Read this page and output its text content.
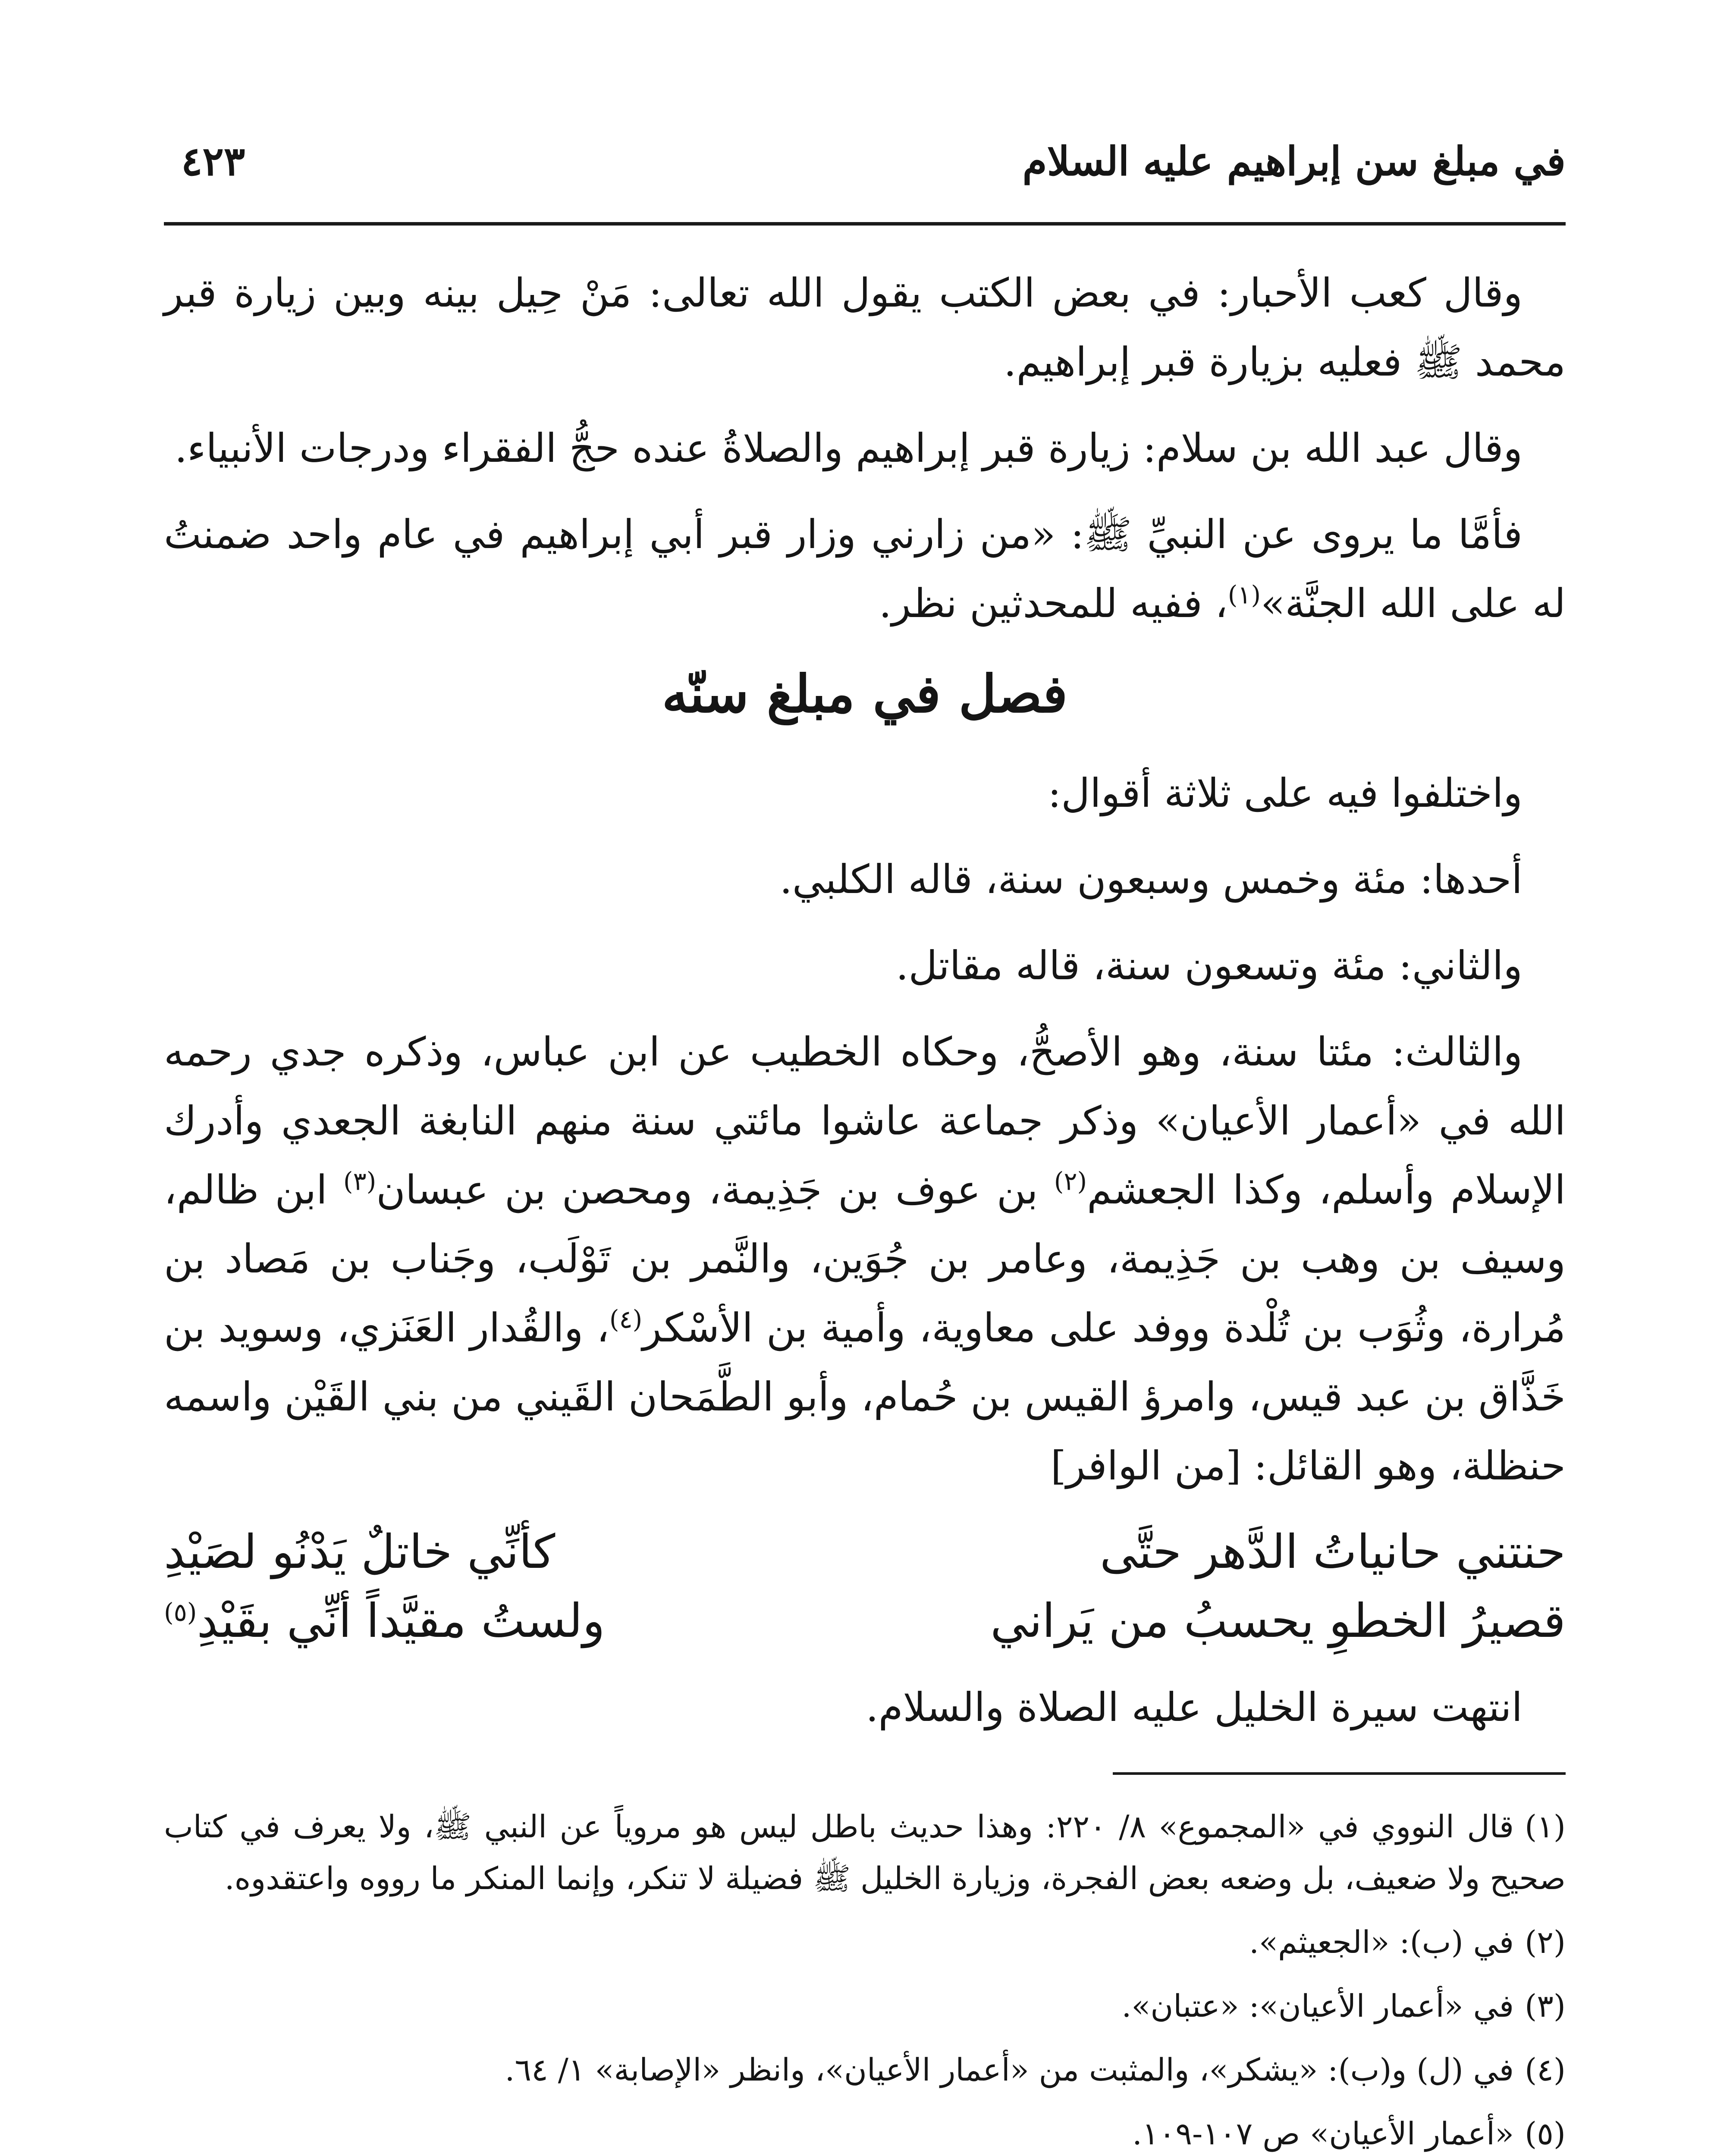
في مبلغ سن إبراهيم عليه السلام
٤٢٣

وقال كعب الأحبار: في بعض الكتب يقول الله تعالى: مَنْ حِيل بينه وبين زيارة قبر محمد ﷺ فعليه بزيارة قبر إبراهيم.

وقال عبد الله بن سلام: زيارة قبر إبراهيم والصلاةُ عنده حجُّ الفقراء ودرجات الأنبياء.

فأمَّا ما يروى عن النبيِّ ﷺ: «من زارني وزار قبر أبي إبراهيم في عام واحد ضمنتُ له على الله الجنَّة»$^{(١)}$، ففيه للمحدثين نظر.

فصل في مبلغ سنّه

واختلفوا فيه على ثلاثة أقوال:

أحدها: مئة وخمس وسبعون سنة، قاله الكلبي.

والثاني: مئة وتسعون سنة، قاله مقاتل.

والثالث: مئتا سنة، وهو الأصحُّ، وحكاه الخطيب عن ابن عباس، وذكره جدي رحمه الله في «أعمار الأعيان» وذكر جماعة عاشوا مائتي سنة منهم النابغة الجعدي وأدرك الإسلام وأسلم، وكذا الجعشم$^{(٢)}$ بن عوف بن جَذِيمة، ومحصن بن عبسان$^{(٣)}$ ابن ظالم، وسيف بن وهب بن جَذِيمة، وعامر بن جُوَين، والنَّمر بن تَوْلَب، وجَناب بن مَصاد بن مُرارة، وثُوَب بن تُلْدة ووفد على معاوية، وأمية بن الأسْكر$^{(٤)}$، والقُدار العَنَزي، وسويد بن خَذَّاق بن عبد قيس، وامرؤ القيس بن حُمام، وأبو الطَّمَحان القَيني من بني القَيْن واسمه حنظلة، وهو القائل: [من الوافر]

حنتني حانياتُ الدَّهر حتَّى
كأنِّي خاتلٌ يَدْنُو لصَيْدِ

قصيرُ الخطوِ يحسبُ من يَراني
ولستُ مقيَّداً أنِّي بقَيْدِ$^{(٥)}$

انتهت سيرة الخليل عليه الصلاة والسلام.

(١)قال النووي في «المجموع» ٨/ ٢٢٠: وهذا حديث باطل ليس هو مروياً عن النبي ﷺ، ولا يعرف في كتاب صحيح ولا ضعيف، بل وضعه بعض الفجرة، وزيارة الخليل ﷺ فضيلة لا تنكر، وإنما المنكر ما رووه واعتقدوه.

(٢)في (ب): «الجعيثم».

(٣)في «أعمار الأعيان»: «عتبان».

(٤)في (ل) و(ب): «يشكر»، والمثبت من «أعمار الأعيان»، وانظر «الإصابة» ١/ ٦٤.

(٥)«أعمار الأعيان» ص ١٠٧-١٠٩.
